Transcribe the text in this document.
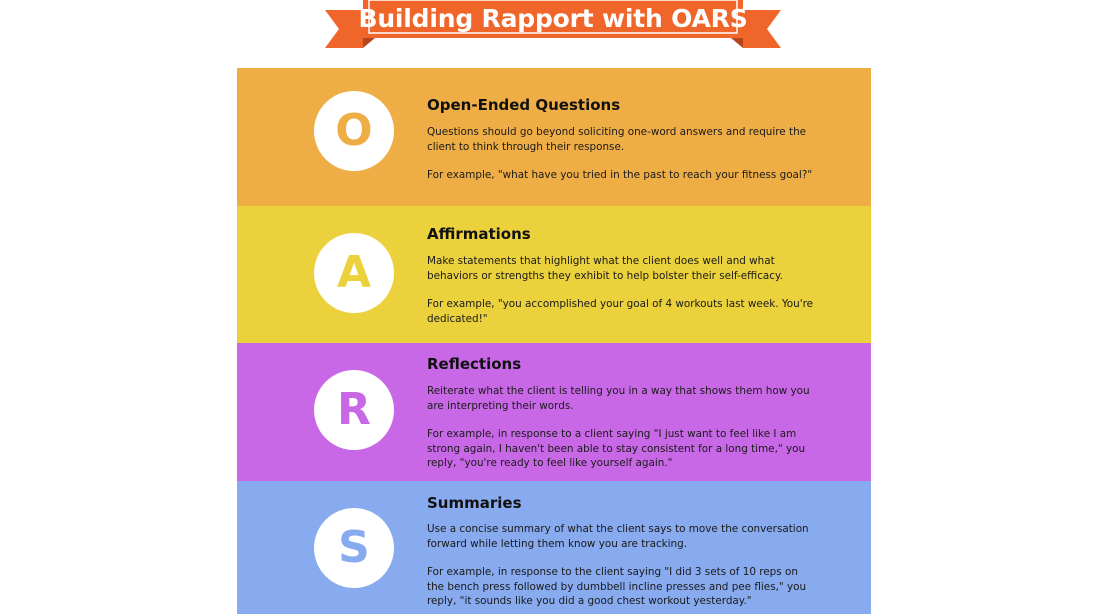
Building Rapport with OARS
O	Open-Ended Questions
Questions should go beyond soliciting one-word answers and require the client to think through their response.
For example, "what have you tried in the past to reach your fitness goal?"
A
Affirmations
Make statements that highlight what the client does well and what behaviors or strengths they exhibit to help bolster their self-efficacy.
For example, "you accomplished your goal of 4 workouts last week. You're dedicated!"
R
Reflections
Reiterate what the client is telling you in a way that shows them how you are interpreting their words.
For example, in response to a client saying "I just want to feel like I am strong again, I haven't been able to stay consistent for a long time," you reply, "you're ready to feel like yourself again."
S
Summaries
Use a concise summary of what the client says to move the conversation forward while letting them know you are tracking.
For example, in response to the client saying "I did 3 sets of 10 reps on the bench press followed by dumbbell incline presses and pee flies," you reply, "it sounds like you did a good chest workout yesterday."
